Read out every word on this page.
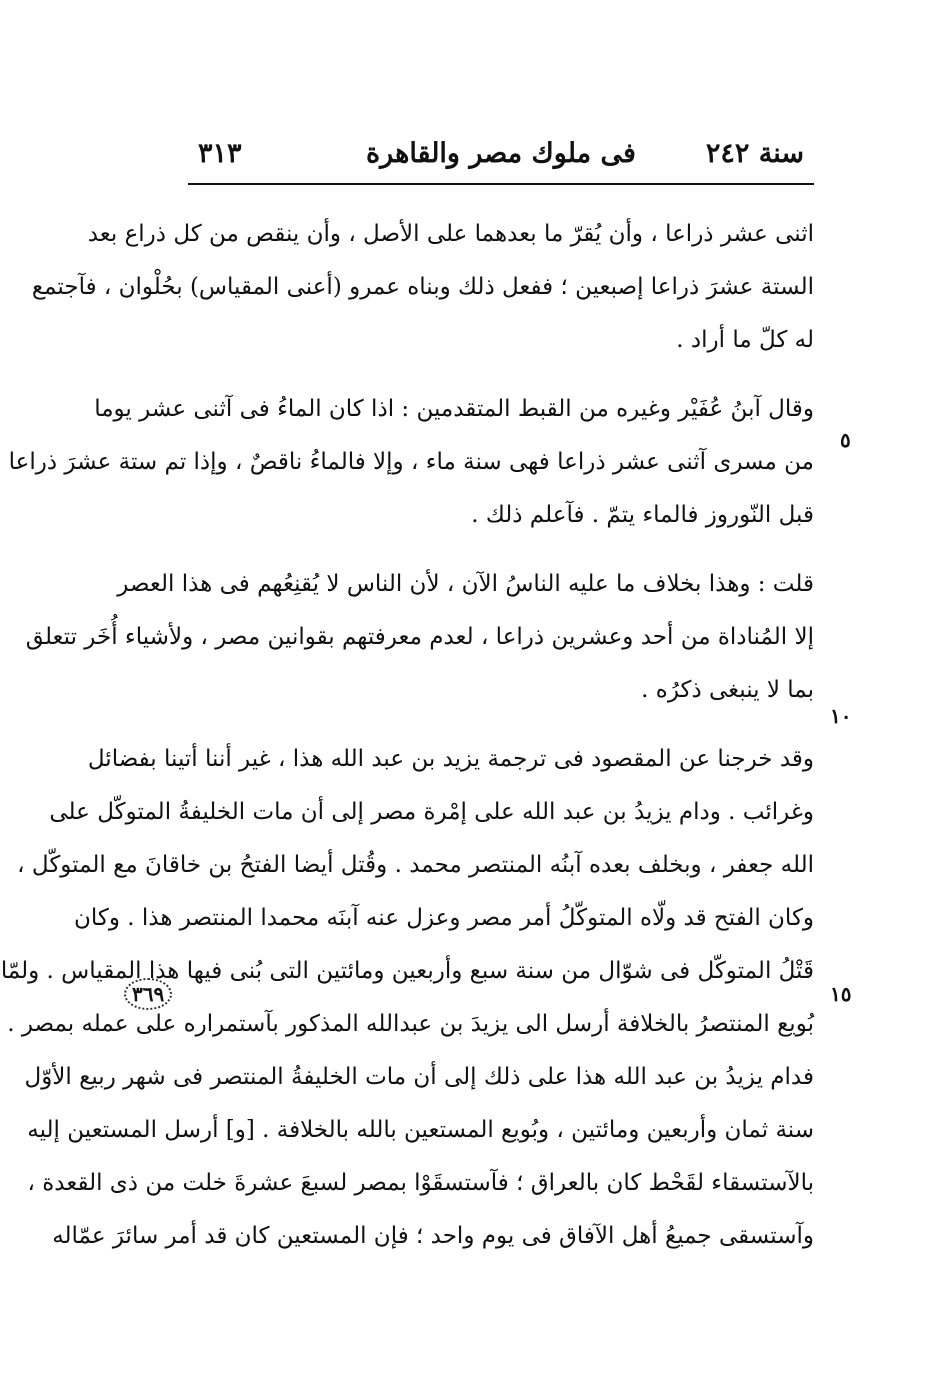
سنة ٢٤٢
فى ملوك مصر والقاهرة
٣١٣
٥
١٠
١٥
٣٦٩
اثنى عشر ذراعا ، وأن يُقرّ ما بعدهما على الأصل ، وأن ينقص من كل ذراع بعد
الستة عشرَ ذراعا إصبعين ؛ ففعل ذلك وبناه عمرو (أعنى المقياس) بحُلْوان ، فآجتمع
له كلّ ما أراد .
وقال آبنُ عُفَيْر وغيره من القبط المتقدمين : اذا كان الماءُ فى آثنى عشر يوما
من مسرى آثنى عشر ذراعا فهى سنة ماء ، وإلا فالماءُ ناقصٌ ، وإذا تم ستة عشرَ ذراعا
قبل النّوروز فالماء يتمّ . فآعلم ذلك .
قلت : وهذا بخلاف ما عليه الناسُ الآن ، لأن الناس لا يُقنِعُهم فى هذا العصر
إلا المُناداة من أحد وعشرين ذراعا ، لعدم معرفتهم بقوانين مصر ، ولأشياء أُخَر تتعلق
بما لا ينبغى ذكرُه .
وقد خرجنا عن المقصود فى ترجمة يزيد بن عبد الله هذا ، غير أننا أتينا بفضائل
وغرائب . ودام يزيدُ بن عبد الله على إمْرة مصر إلى أن مات الخليفةُ المتوكّل على
الله جعفر ، وبخلف بعده آبنُه المنتصر محمد . وقُتل أيضا الفتحُ بن خاقانَ مع المتوكّل ،
وكان الفتح قد ولّاه المتوكّلُ أمر مصر وعزل عنه آبنَه محمدا المنتصر هذا . وكان
قَتْلُ المتوكّل فى شوّال من سنة سبع وأربعين ومائتين التى بُنى فيها هذا المقياس . ولمّا
بُويع المنتصرُ بالخلافة أرسل الى يزيدَ بن عبدالله المذكور بآستمراره على عمله بمصر .
فدام يزيدُ بن عبد الله هذا على ذلك إلى أن مات الخليفةُ المنتصر فى شهر ربيع الأوّل
سنة ثمان وأربعين ومائتين ، وبُويع المستعين بالله بالخلافة . [و] أرسل المستعين إليه
بالآستسقاء لقَحْط كان بالعراق ؛ فآستسقَوْا بمصر لسبعَ عشرةَ خلت من ذى القعدة ،
وآستسقى جميعُ أهل الآفاق فى يوم واحد ؛ فإن المستعين كان قد أمر سائرَ عمّاله
